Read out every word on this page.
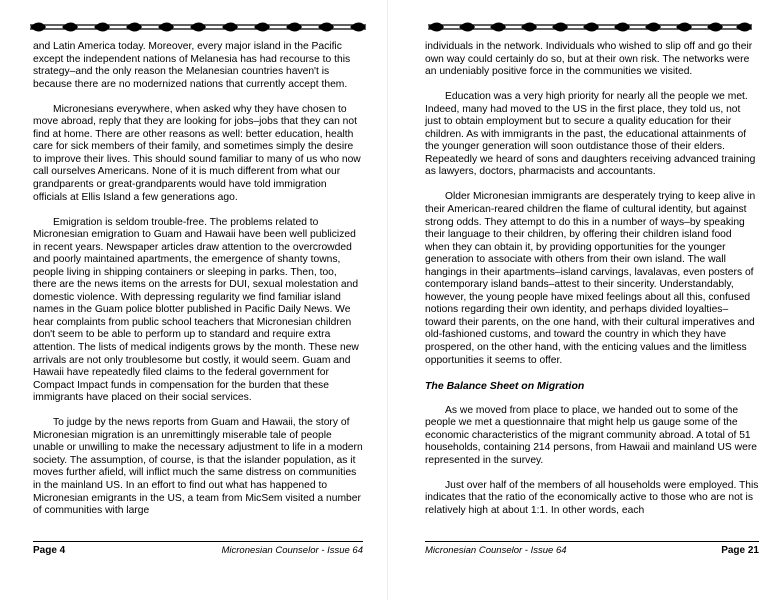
and Latin America today. Moreover, every major island in the Pacific except the independent nations of Melanesia has had recourse to this strategy–and the only reason the Melanesian countries haven't is because there are no modernized nations that currently accept them.

Micronesians everywhere, when asked why they have chosen to move abroad, reply that they are looking for jobs–jobs that they can not find at home. There are other reasons as well: better education, health care for sick members of their family, and sometimes simply the desire to improve their lives. This should sound familiar to many of us who now call ourselves Americans. None of it is much different from what our grandparents or great-grandparents would have told immigration officials at Ellis Island a few generations ago.

Emigration is seldom trouble-free. The problems related to Micronesian emigration to Guam and Hawaii have been well publicized in recent years. Newspaper articles draw attention to the overcrowded and poorly maintained apartments, the emergence of shanty towns, people living in shipping containers or sleeping in parks. Then, too, there are the news items on the arrests for DUI, sexual molestation and domestic violence. With depressing regularity we find familiar island names in the Guam police blotter published in Pacific Daily News. We hear complaints from public school teachers that Micronesian children don't seem to be able to perform up to standard and require extra attention. The lists of medical indigents grows by the month. These new arrivals are not only troublesome but costly, it would seem. Guam and Hawaii have repeatedly filed claims to the federal government for Compact Impact funds in compensation for the burden that these immigrants have placed on their social services.

To judge by the news reports from Guam and Hawaii, the story of Micronesian migration is an unremittingly miserable tale of people unable or unwilling to make the necessary adjustment to life in a modern society. The assumption, of course, is that the islander population, as it moves further afield, will inflict much the same distress on communities in the mainland US. In an effort to find out what has happened to Micronesian emigrants in the US, a team from MicSem visited a number of communities with large

Page 4	Micronesian Counselor - Issue 64

individuals in the network. Individuals who wished to slip off and go their own way could certainly do so, but at their own risk. The networks were an undeniably positive force in the communities we visited.

Education was a very high priority for nearly all the people we met. Indeed, many had moved to the US in the first place, they told us, not just to obtain employment but to secure a quality education for their children. As with immigrants in the past, the educational attainments of the younger generation will soon outdistance those of their elders. Repeatedly we heard of sons and daughters receiving advanced training as lawyers, doctors, pharmacists and accountants.

Older Micronesian immigrants are desperately trying to keep alive in their American-reared children the flame of cultural identity, but against strong odds. They attempt to do this in a number of ways–by speaking their language to their children, by offering their children island food when they can obtain it, by providing opportunities for the younger generation to associate with others from their own island. The wall hangings in their apartments–island carvings, lavalavas, even posters of contemporary island bands–attest to their sincerity. Understandably, however, the young people have mixed feelings about all this, confused notions regarding their own identity, and perhaps divided loyalties–toward their parents, on the one hand, with their cultural imperatives and old-fashioned customs, and toward the country in which they have prospered, on the other hand, with the enticing values and the limitless opportunities it seems to offer.

The Balance Sheet on Migration

As we moved from place to place, we handed out to some of the people we met a questionnaire that might help us gauge some of the economic characteristics of the migrant community abroad. A total of 51 households, containing 214 persons, from Hawaii and mainland US were represented in the survey.

Just over half of the members of all households were employed. This indicates that the ratio of the economically active to those who are not is relatively high at about 1:1. In other words, each

Micronesian Counselor - Issue 64	Page 21
